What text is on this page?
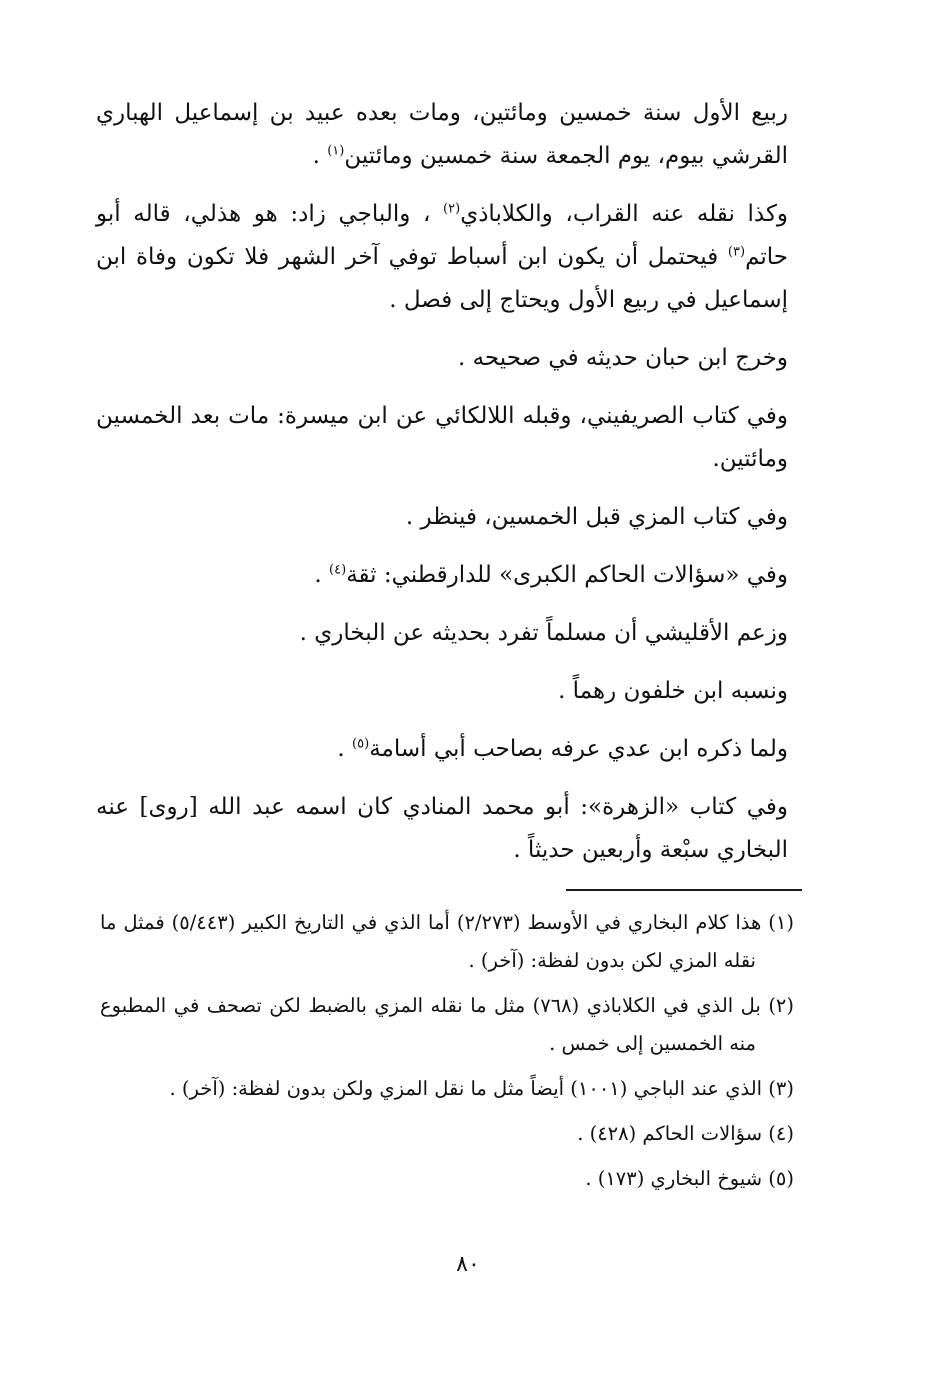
ربيع الأول سنة خمسين ومائتين، ومات بعده عبيد بن إسماعيل الهباري القرشي بيوم، يوم الجمعة سنة خمسين ومائتين$^{(١)}$ .

وكذا نقله عنه القراب، والكلاباذي$^{(٢)}$ ، والباجي زاد: هو هذلي، قاله أبو حاتم$^{(٣)}$ فيحتمل أن يكون ابن أسباط توفي آخر الشهر فلا تكون وفاة ابن إسماعيل في ربيع الأول ويحتاج إلى فصل .

وخرج ابن حبان حديثه في صحيحه .

وفي كتاب الصريفيني، وقبله اللالكائي عن ابن ميسرة: مات بعد الخمسين ومائتين.

وفي كتاب المزي قبل الخمسين، فينظر .

وفي «سؤالات الحاكم الكبرى» للدارقطني: ثقة$^{(٤)}$ .

وزعم الأقليشي أن مسلماً تفرد بحديثه عن البخاري .

ونسبه ابن خلفون رهماً .

ولما ذكره ابن عدي عرفه بصاحب أبي أسامة$^{(٥)}$ .

وفي كتاب «الزهرة»: أبو محمد المنادي كان اسمه عبد الله [روى] عنه البخاري سبْعة وأربعين حديثاً .

(١) هذا كلام البخاري في الأوسط (٢/٢٧٣) أما الذي في التاريخ الكبير (٥/٤٤٣) فمثل ما نقله المزي لكن بدون لفظة: (آخر) .

(٢) بل الذي في الكلاباذي (٧٦٨) مثل ما نقله المزي بالضبط لكن تصحف في المطبوع منه الخمسين إلى خمس .

(٣) الذي عند الباجي (١٠٠١) أيضاً مثل ما نقل المزي ولكن بدون لفظة: (آخر) .

(٤) سؤالات الحاكم (٤٢٨) .

(٥) شيوخ البخاري (١٧٣) .

٨٠
